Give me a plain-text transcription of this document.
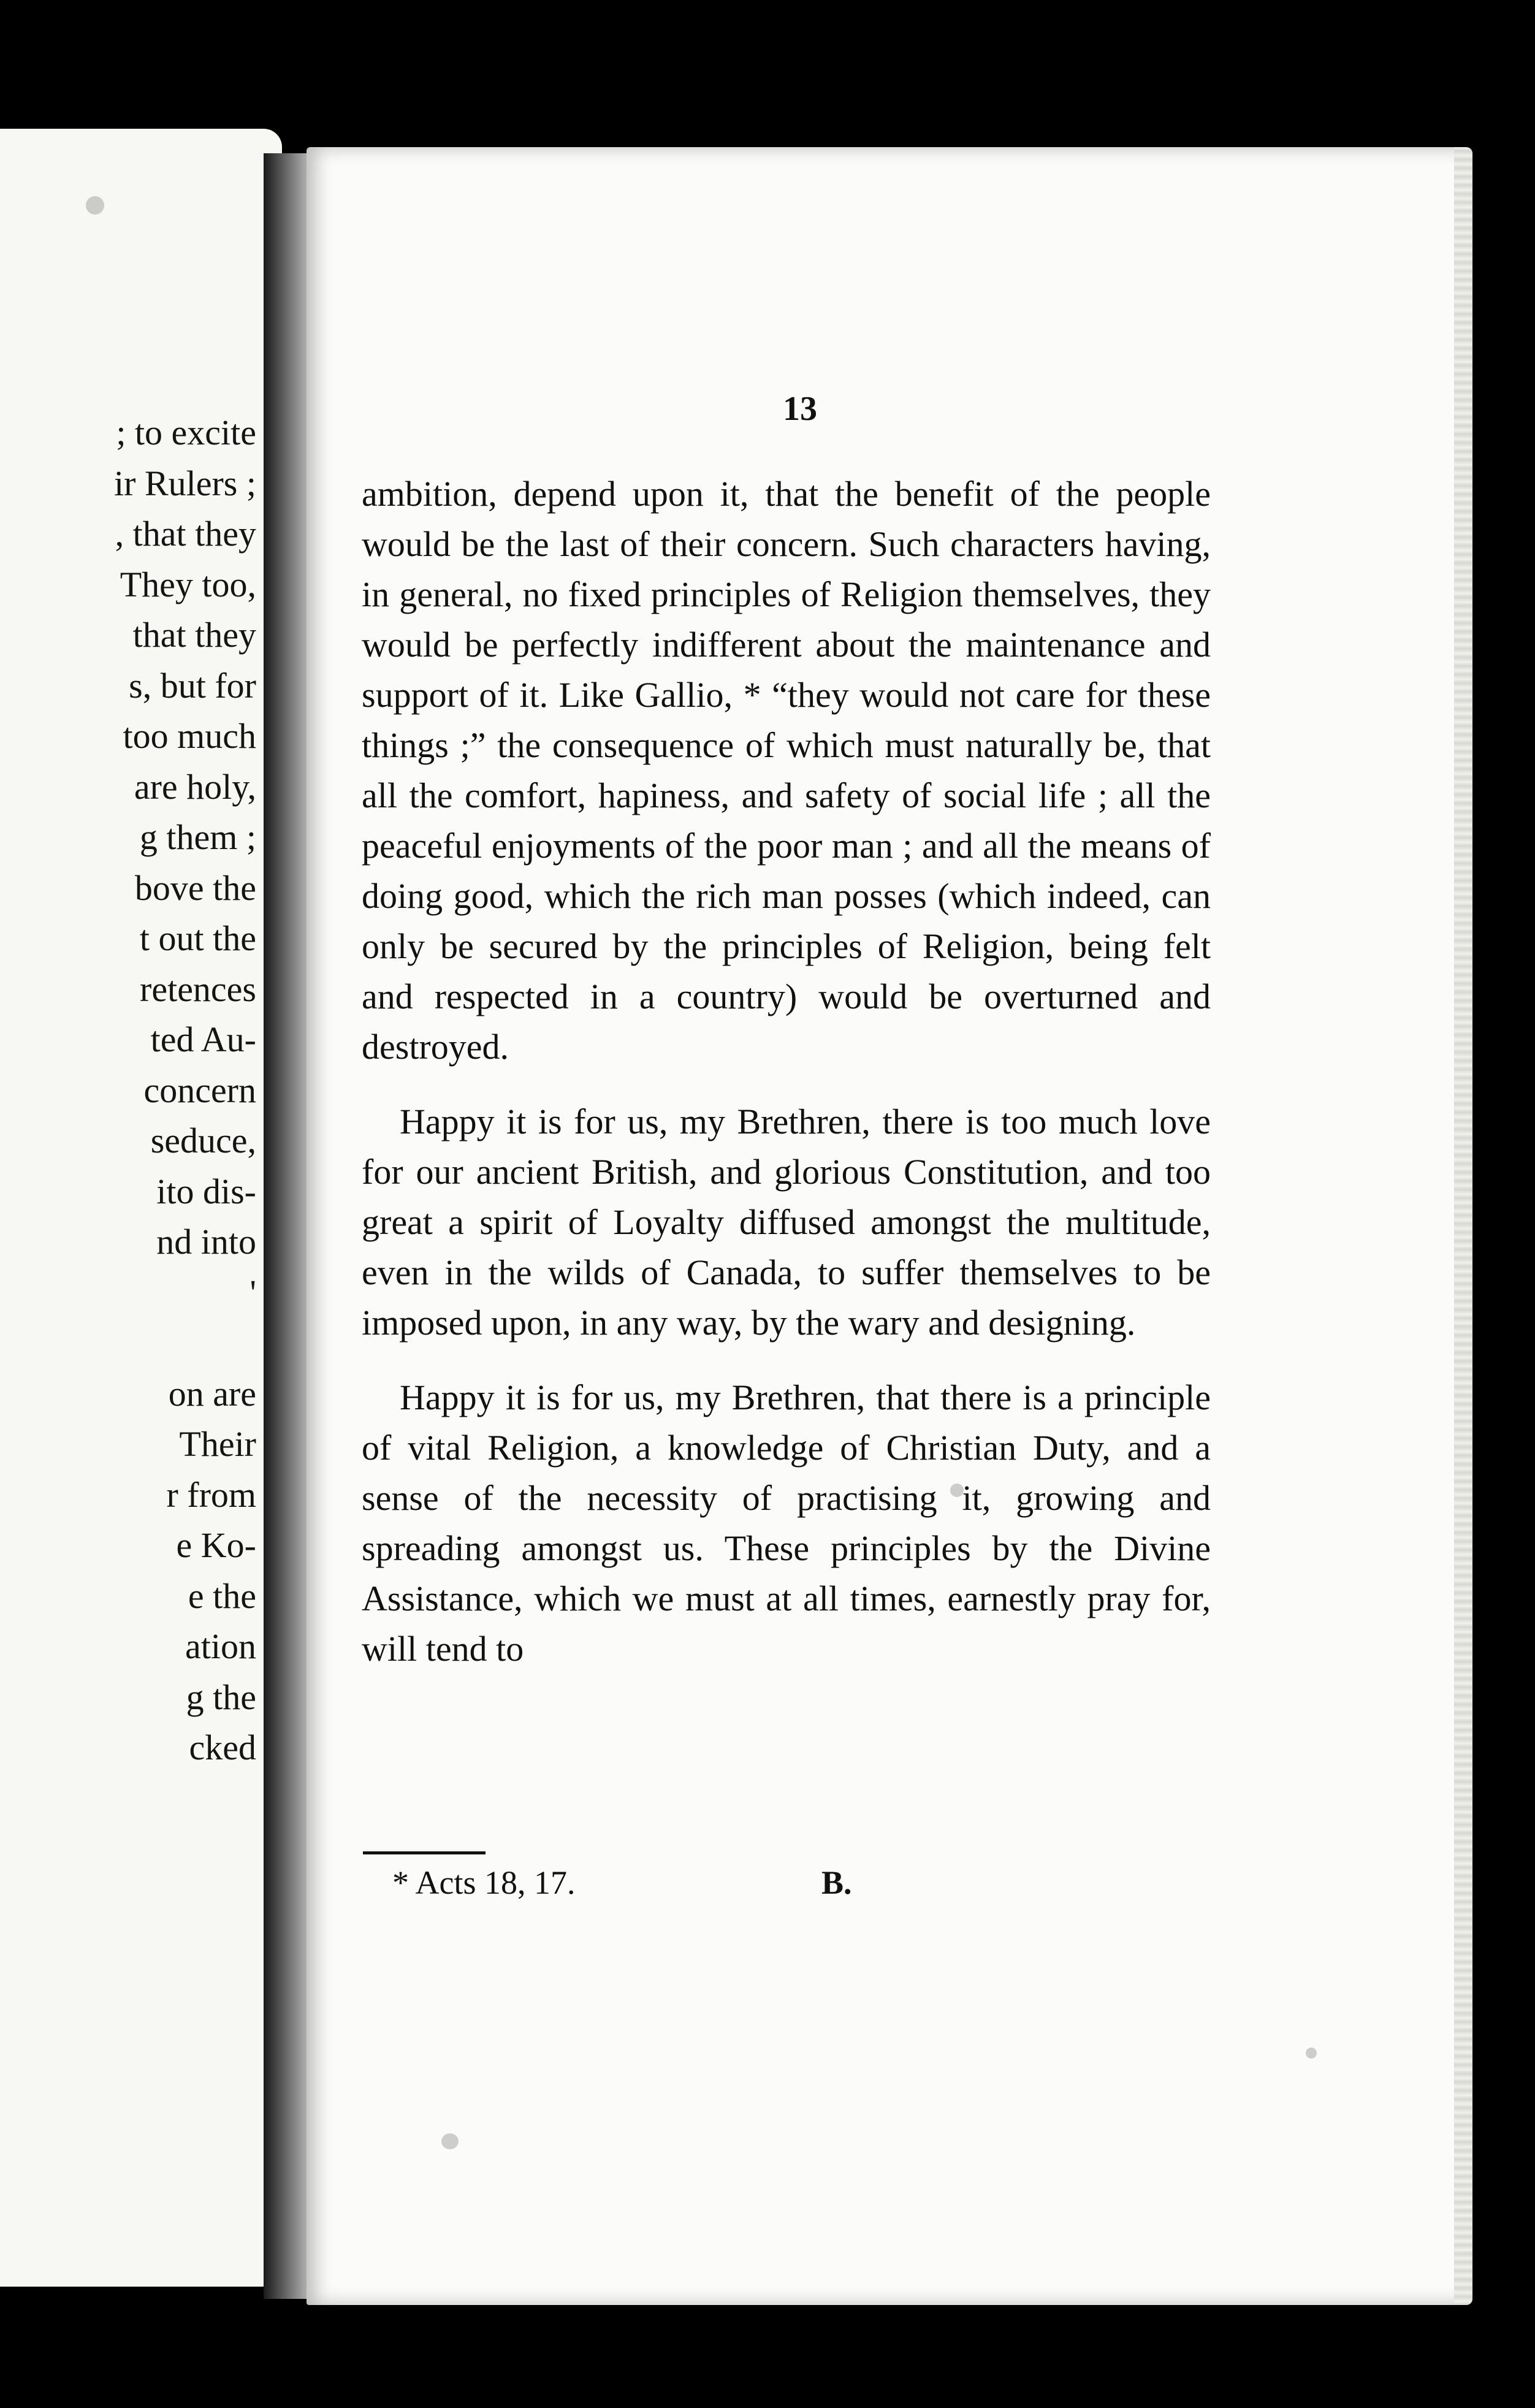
; to excite
ir Rulers ;
, that they
They too,
that they
s, but for
too much
are holy,
g them ;
bove the
t out the
retences
ted Au-
concern
seduce,
ito dis-
nd into
'

on are
Their
r from
e Ko-
e the
ation
g the
cked
13

ambition, depend upon it, that the benefit of the people would be the last of their concern. Such characters having, in general, no fixed principles of Religion themselves, they would be perfectly indifferent about the maintenance and support of it. Like Gallio, * “they would not care for these things ;” the consequence of which must naturally be, that all the comfort, hapiness, and safety of social life ; all the peaceful enjoyments of the poor man ; and all the means of doing good, which the rich man posses (which indeed, can only be secured by the principles of Religion, being felt and respected in a country) would be overturned and destroyed.

Happy it is for us, my Brethren, there is too much love for our ancient British, and glorious Constitution, and too great a spirit of Loyalty diffused amongst the multitude, even in the wilds of Canada, to suffer themselves to be imposed upon, in any way, by the wary and designing.

Happy it is for us, my Brethren, that there is a principle of vital Religion, a knowledge of Christian Duty, and a sense of the necessity of practising it, growing and spreading amongst us. These principles by the Divine Assistance, which we must at all times, earnestly pray for, will tend to

* Acts 18, 17.	B.
